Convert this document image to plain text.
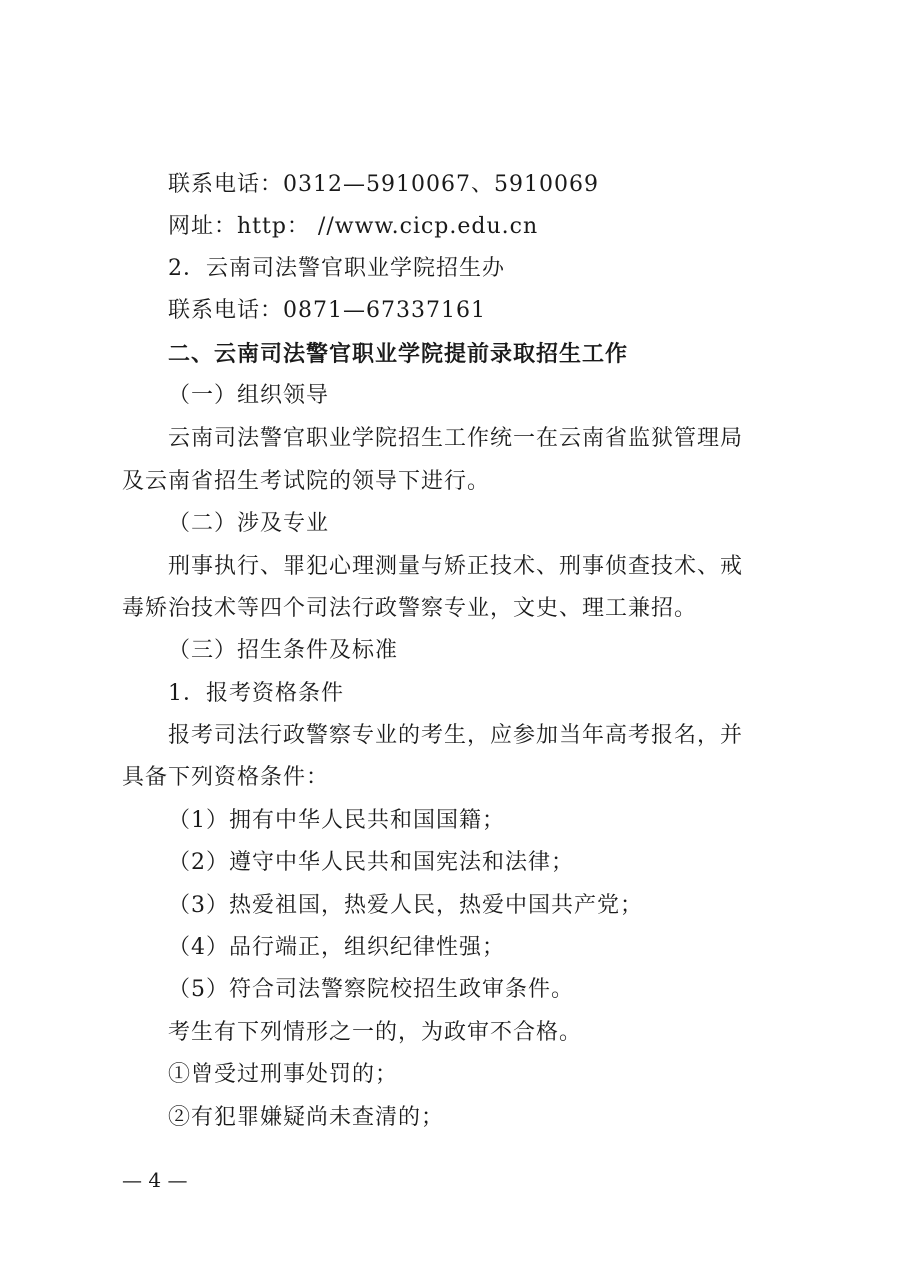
联系电话：0312—5910067、5910069
网址：http： //www.cicp.edu.cn
2．云南司法警官职业学院招生办
联系电话：0871—67337161
二、云南司法警官职业学院提前录取招生工作
（一）组织领导
云南司法警官职业学院招生工作统一在云南省监狱管理局
及云南省招生考试院的领导下进行。
（二）涉及专业
刑事执行、罪犯心理测量与矫正技术、刑事侦查技术、戒
毒矫治技术等四个司法行政警察专业，文史、理工兼招。
（三）招生条件及标准
1．报考资格条件
报考司法行政警察专业的考生，应参加当年高考报名，并
具备下列资格条件：
（1）拥有中华人民共和国国籍；
（2）遵守中华人民共和国宪法和法律；
（3）热爱祖国，热爱人民，热爱中国共产党；
（4）品行端正，组织纪律性强；
（5）符合司法警察院校招生政审条件。
考生有下列情形之一的，为政审不合格。
①曾受过刑事处罚的；
②有犯罪嫌疑尚未查清的；
— 4 —
